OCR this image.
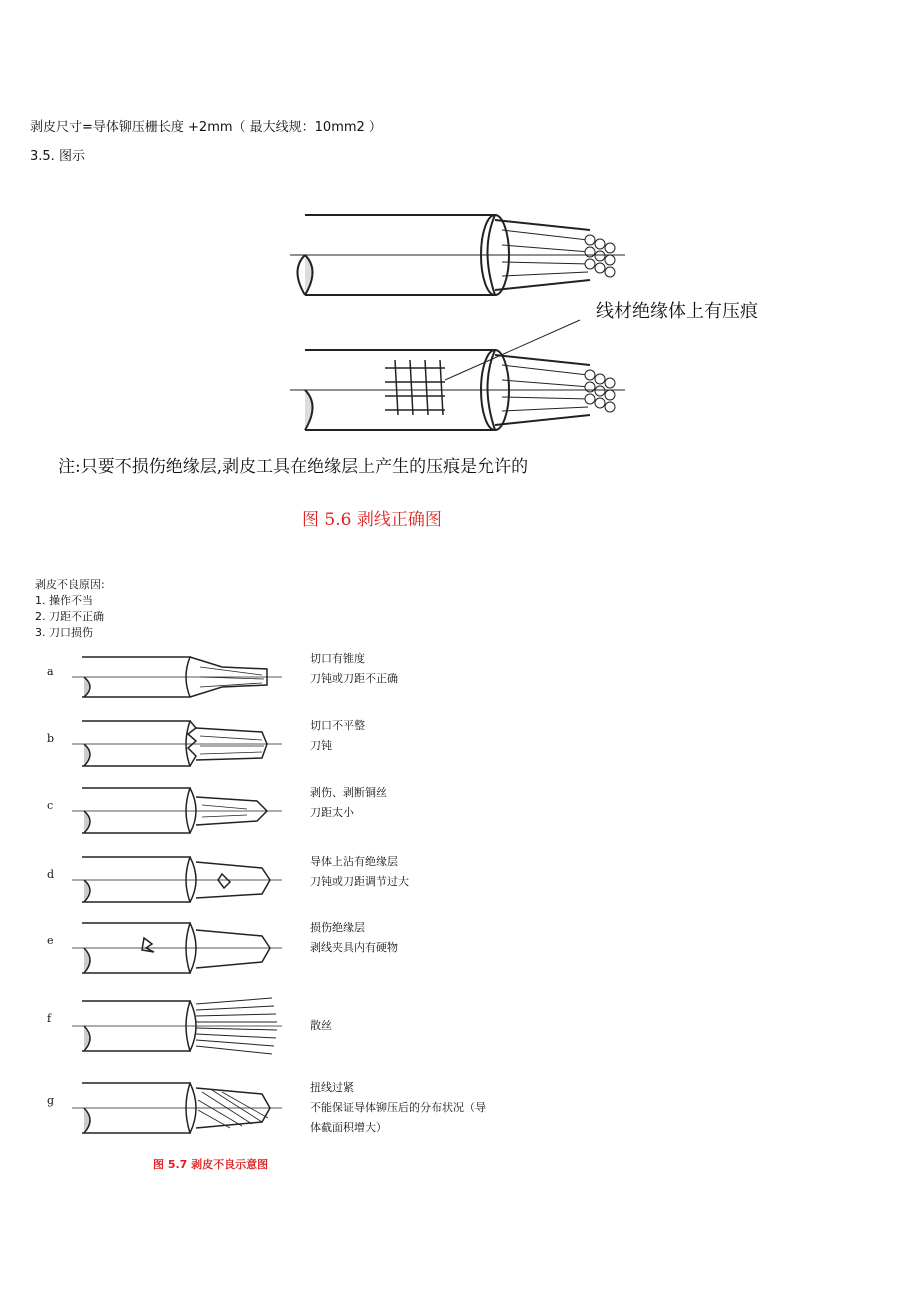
剥皮尺寸=导体铆压栅长度 +2mm（ 最大线规：10mm2 ）
3.5. 图示
线材绝缘体上有压痕
注:只要不损伤绝缘层,剥皮工具在绝缘层上产生的压痕是允许的
图 5.6 剥线正确图
剥皮不良原因:
1. 操作不当
2. 刀距不正确
3. 刀口损伤
a
切口有锥度
刀钝或刀距不正确
b
切口不平整
刀钝
c
剥伤、剥断铜丝
刀距太小
d
导体上沾有绝缘层
刀钝或刀距调节过大
e
损伤绝缘层
剥线夹具内有硬物
f
散丝
g
扭线过紧
不能保证导体铆压后的分布状况（导
体截面积增大）
图 5.7 剥皮不良示意图
